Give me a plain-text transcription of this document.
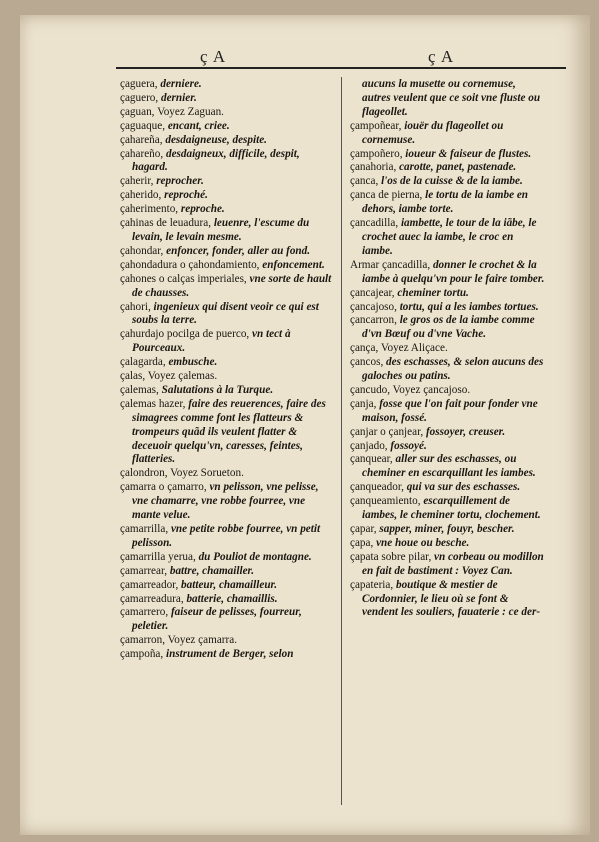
ç A	ç A

çaguera, derniere.

çaguero, dernier.

çaguan, Voyez Zaguan.

çaguaque, encant, criee.

çahareña, desdaigneuse, despite.

çahareño, desdaigneux, difficile, despit, hagard.

çaherir, reprocher.

çaherido, reproché.

çaherimento, reproche.

çahinas de leuadura, leuenre, l'escume du levain, le levain mesme.

çahondar, enfoncer, fonder, aller au fond.

çahondadura o çahondamiento, enfoncement.

çahones o calças imperiales, vne sorte de hault de chausses.

çahori, ingenieux qui disent veoir ce qui est soubs la terre.

çahurdajo pocilga de puerco, vn tect à Pourceaux.

çalagarda, embusche.

çalas, Voyez çalemas.

çalemas, Salutations à la Turque.

çalemas hazer, faire des reuerences, faire des simagrees comme font les flatteurs & trompeurs quãd ils veulent flatter & deceuoir quelqu'vn, caresses, feintes, flatteries.

çalondron, Voyez Sorueton.

çamarra o çamarro, vn pelisson, vne pelisse, vne chamarre, vne robbe fourree, vne mante velue.

çamarrilla, vne petite robbe fourree, vn petit pelisson.

çamarrilla yerua, du Pouliot de montagne.

çamarrear, battre, chamailler.

çamarreador, batteur, chamailleur.

çamarreadura, batterie, chamaillis.

çamarrero, faiseur de pelisses, fourreur, peletier.

çamarron, Voyez çamarra.

çampoña, instrument de Berger, selon

aucuns la musette ou cornemuse, autres veulent que ce soit vne fluste ou flageollet.

çampoñear, iouër du flageollet ou cornemuse.

çampoñero, ioueur & faiseur de flustes.

çanahoria, carotte, panet, pastenade.

çanca, l'os de la cuisse & de la iambe.

çanca de pierna, le tortu de la iambe en dehors, iambe torte.

çancadilla, iambette, le tour de la iãbe, le crochet auec la iambe, le croc en iambe.

Armar çancadilla, donner le crochet & la iambe à quelqu'vn pour le faire tomber.

çancajear, cheminer tortu.

çancajoso, tortu, qui a les iambes tortues.

çancarron, le gros os de la iambe comme d'vn Bœuf ou d'vne Vache.

çança, Voyez Aliçace.

çancos, des eschasses, & selon aucuns des galoches ou patins.

çancudo, Voyez çancajoso.

çanja, fosse que l'on fait pour fonder vne maison, fossé.

çanjar o çanjear, fossoyer, creuser.

çanjado, fossoyé.

çanquear, aller sur des eschasses, ou cheminer en escarquillant les iambes.

çanqueador, qui va sur des eschasses.

çanqueamiento, escarquillement de iambes, le cheminer tortu, clochement.

çapar, sapper, miner, fouyr, bescher.

çapa, vne houe ou besche.

çapata sobre pilar, vn corbeau ou modillon en fait de bastiment : Voyez Can.

çapateria, boutique & mestier de Cordonnier, le lieu où se font & vendent les souliers, fauaterie : ce der-
